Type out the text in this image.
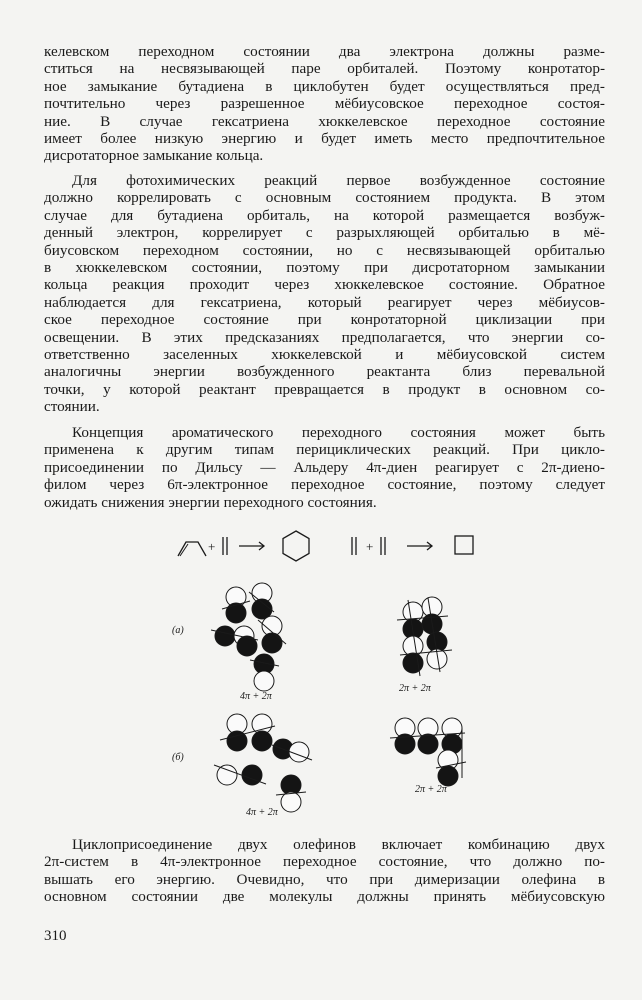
келевском переходном состоянии два электрона должны разме-
ститься на несвязывающей паре орбиталей. Поэтому конротатор-
ное замыкание бутадиена в циклобутен будет осуществляться пред-
почтительно через разрешенное мёбиусовское переходное состоя-
ние. В случае гексатриена хюккелевское переходное состояние
имеет более низкую энергию и будет иметь место предпочтительное
дисротаторное замыкание кольца.

Для фотохимических реакций первое возбужденное состояние
должно коррелировать с основным состоянием продукта. В этом
случае для бутадиена орбиталь, на которой размещается возбуж-
денный электрон, коррелирует с разрыхляющей орбиталью в мё-
биусовском переходном состоянии, но с несвязывающей орбиталью
в хюккелевском состоянии, поэтому при дисротаторном замыкании
кольца реакция проходит через хюккелевское состояние. Обратное
наблюдается для гексатриена, который реагирует через мёбиусов-
ское переходное состояние при конротаторной циклизации при
освещении. В этих предсказаниях предполагается, что энергии со-
ответственно заселенных хюккелевской и мёбиусовской систем
аналогичны энергии возбужденного реактанта близ перевальной
точки, у которой реактант превращается в продукт в основном со-
стоянии.

Концепция ароматического переходного состояния может быть
применена к другим типам перициклических реакций. При цикло-
присоединении по Дильсу — Альдеру 4π-диен реагирует с 2π-диено-
филом через 6π-электронное переходное состояние, поэтому следует
ожидать снижения энергии переходного состояния.

+	+
(а)
4π + 2π
2π + 2π
(б)
4π + 2π
2π + 2π

Циклоприсоединение двух олефинов включает комбинацию двух
2π-систем в 4π-электронное переходное состояние, что должно по-
вышать его энергию. Очевидно, что при димеризации олефина в
основном состоянии две молекулы должны принять мёбиусовскую

310
